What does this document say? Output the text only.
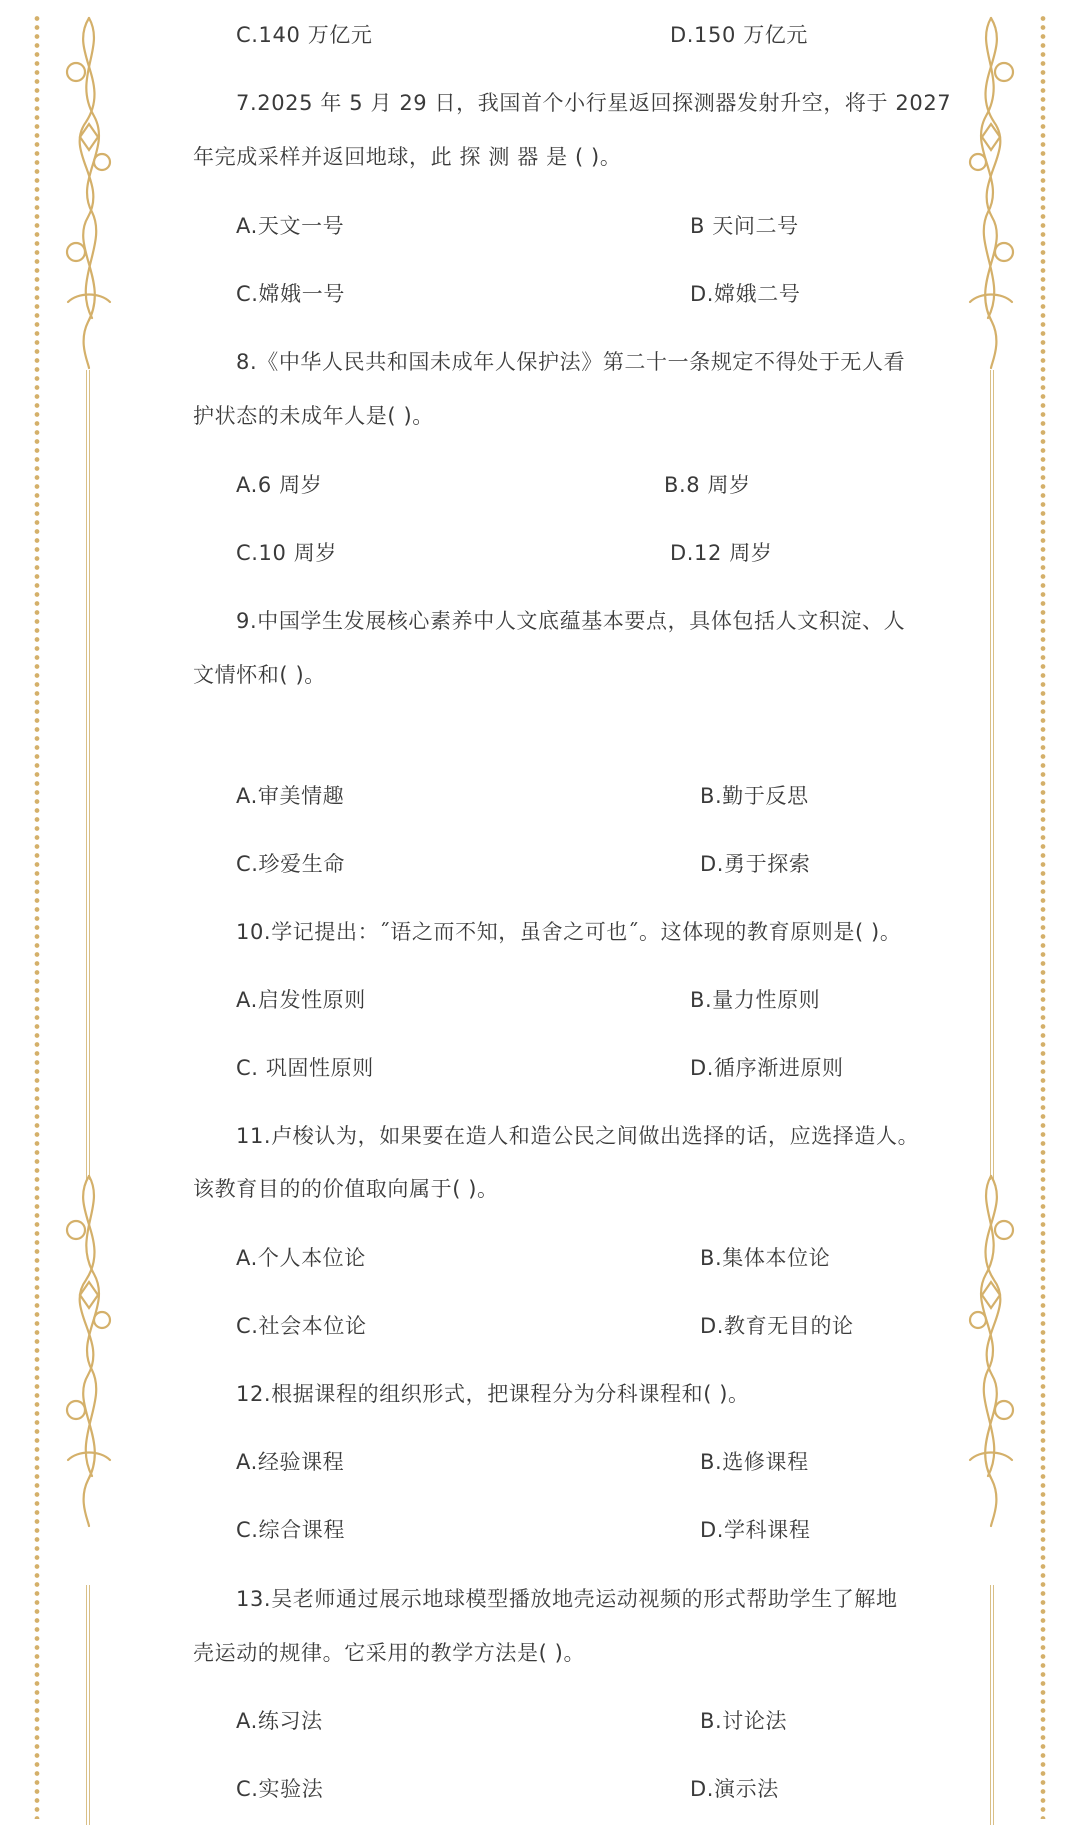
C.140 万亿元	D.150 万亿元
7.2025 年 5 月 29 日，我国首个小行星返回探测器发射升空，将于 2027
年完成采样并返回地球，此 探 测 器 是 ( )。
A.天文一号	B 天问二号
C.嫦娥一号	D.嫦娥二号
8.《中华人民共和国未成年人保护法》第二十一条规定不得处于无人看
护状态的未成年人是( )。
A.6 周岁	B.8 周岁
C.10 周岁	D.12 周岁
9.中国学生发展核心素养中人文底蕴基本要点，具体包括人文积淀、人
文情怀和( )。
A.审美情趣	B.勤于反思
C.珍爱生命	D.勇于探索
10.学记提出：˝语之而不知，虽舍之可也˝。这体现的教育原则是( )。
A.启发性原则	B.量力性原则
C. 巩固性原则	D.循序渐进原则
11.卢梭认为，如果要在造人和造公民之间做出选择的话，应选择造人。
该教育目的的价值取向属于( )。
A.个人本位论	B.集体本位论
C.社会本位论	D.教育无目的论
12.根据课程的组织形式，把课程分为分科课程和( )。
A.经验课程	B.选修课程
C.综合课程	D.学科课程
13.吴老师通过展示地球模型播放地壳运动视频的形式帮助学生了解地
壳运动的规律。它采用的教学方法是( )。
A.练习法	B.讨论法
C.实验法	D.演示法
